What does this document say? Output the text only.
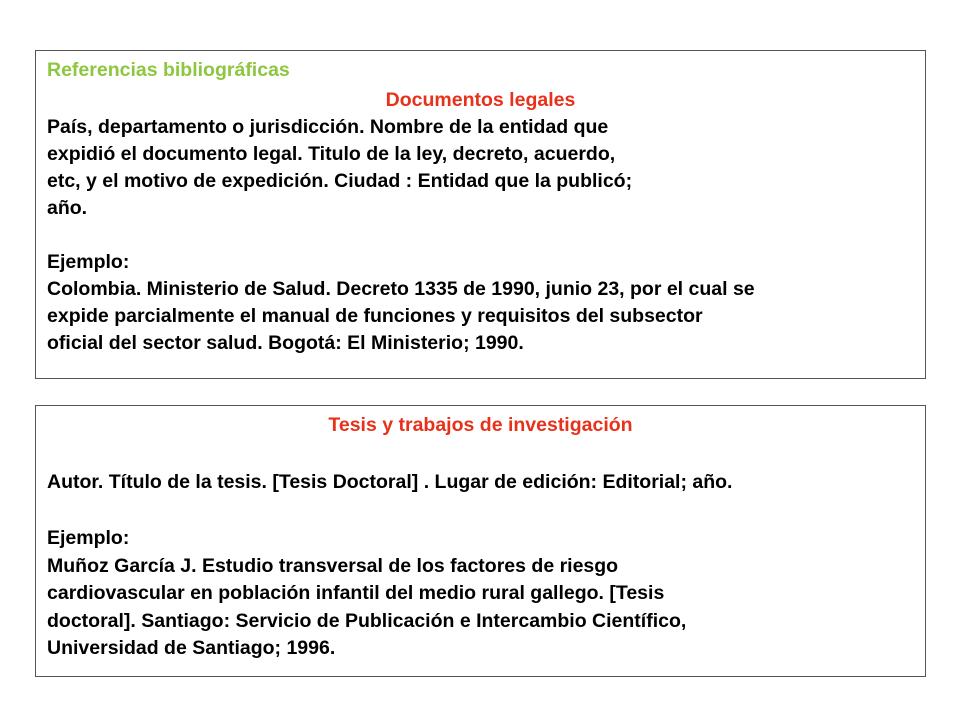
Referencias bibliográficas
Documentos legales
País, departamento o jurisdicción. Nombre de la entidad que
expidió el documento legal. Titulo de la ley, decreto, acuerdo,
etc, y el motivo de expedición. Ciudad : Entidad que la publicó;
año.
Ejemplo:
Colombia. Ministerio de Salud. Decreto 1335 de 1990, junio 23, por el cual se
expide parcialmente el manual de funciones y requisitos del subsector
oficial del sector salud. Bogotá: El Ministerio; 1990.
Tesis y trabajos de investigación
Autor. Título de la tesis. [Tesis Doctoral] . Lugar de edición: Editorial; año.
Ejemplo:
Muñoz García J. Estudio transversal de los factores de riesgo
cardiovascular en población infantil del medio rural gallego. [Tesis
doctoral]. Santiago: Servicio de Publicación e Intercambio Científico,
Universidad de Santiago; 1996.
